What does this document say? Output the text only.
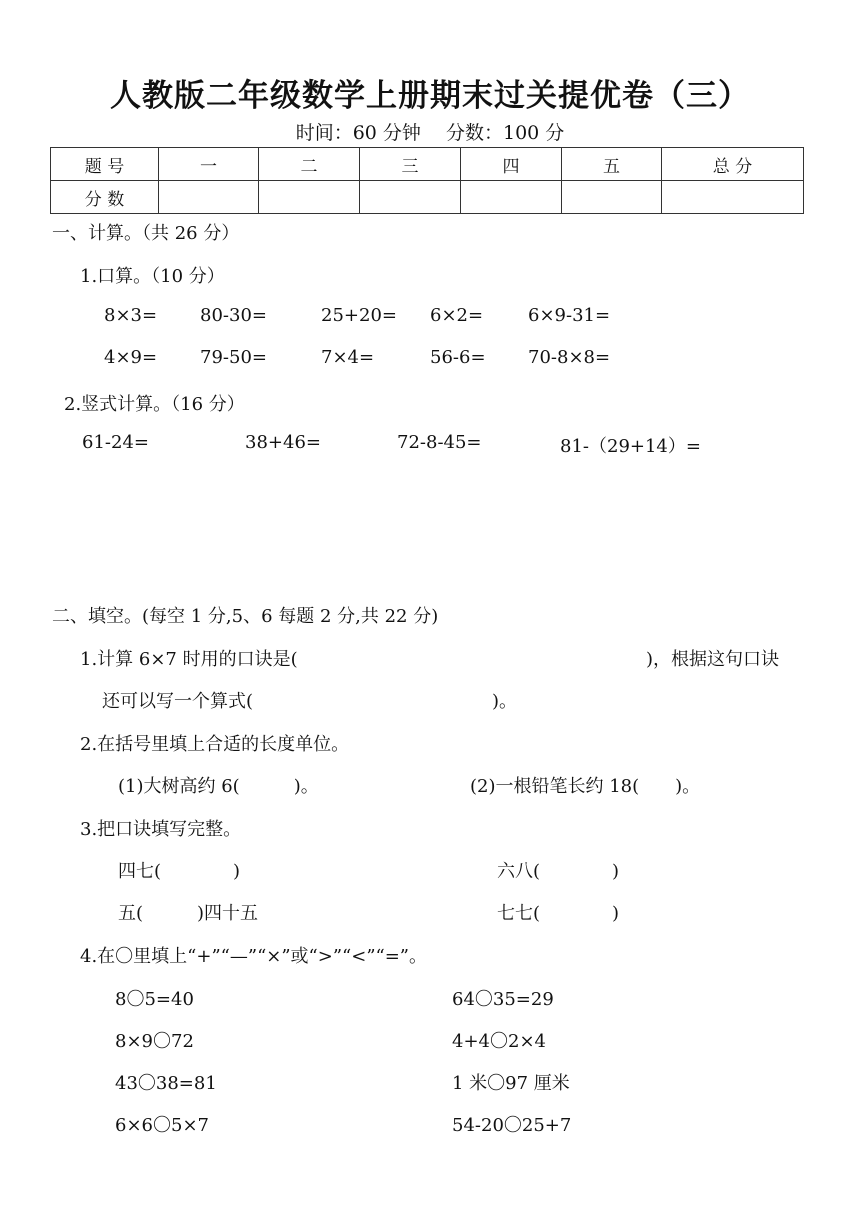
人教版二年级数学上册期末过关提优卷（三）
时间：60 分钟　 分数：100 分
题 号	一	二	三	四	五	总 分
分 数						
一、计算。（共 26 分）
1.口算。（10 分）
8×3= 80-30=	25+20= 6×2= 6×9-31=
4×9= 79-50=	7×4=	56-6= 70-8×8=
2.竖式计算。（16 分）
61-24=	38+46=	72-8-45=	81-（29+14）=
二、填空。(每空 1 分,5、6 每题 2 分,共 22 分)
1.计算 6×7 时用的口诀是(	)，根据这句口诀
还可以写一个算式(	)。
2.在括号里填上合适的长度单位。
(1)大树高约 6(　　　)。	(2)一根铅笔长约 18(　　)。
3.把口诀填写完整。
四七(　　　　)	六八(　　　　)
五(　　　)四十五	七七(　　　　)
4.在〇里填上“+”“—”“×”或“>”“<”“=”。
8〇5=40	64〇35=29
8×9〇72	4+4〇2×4
43〇38=81	1 米〇97 厘米
6×6〇5×7	54-20〇25+7
